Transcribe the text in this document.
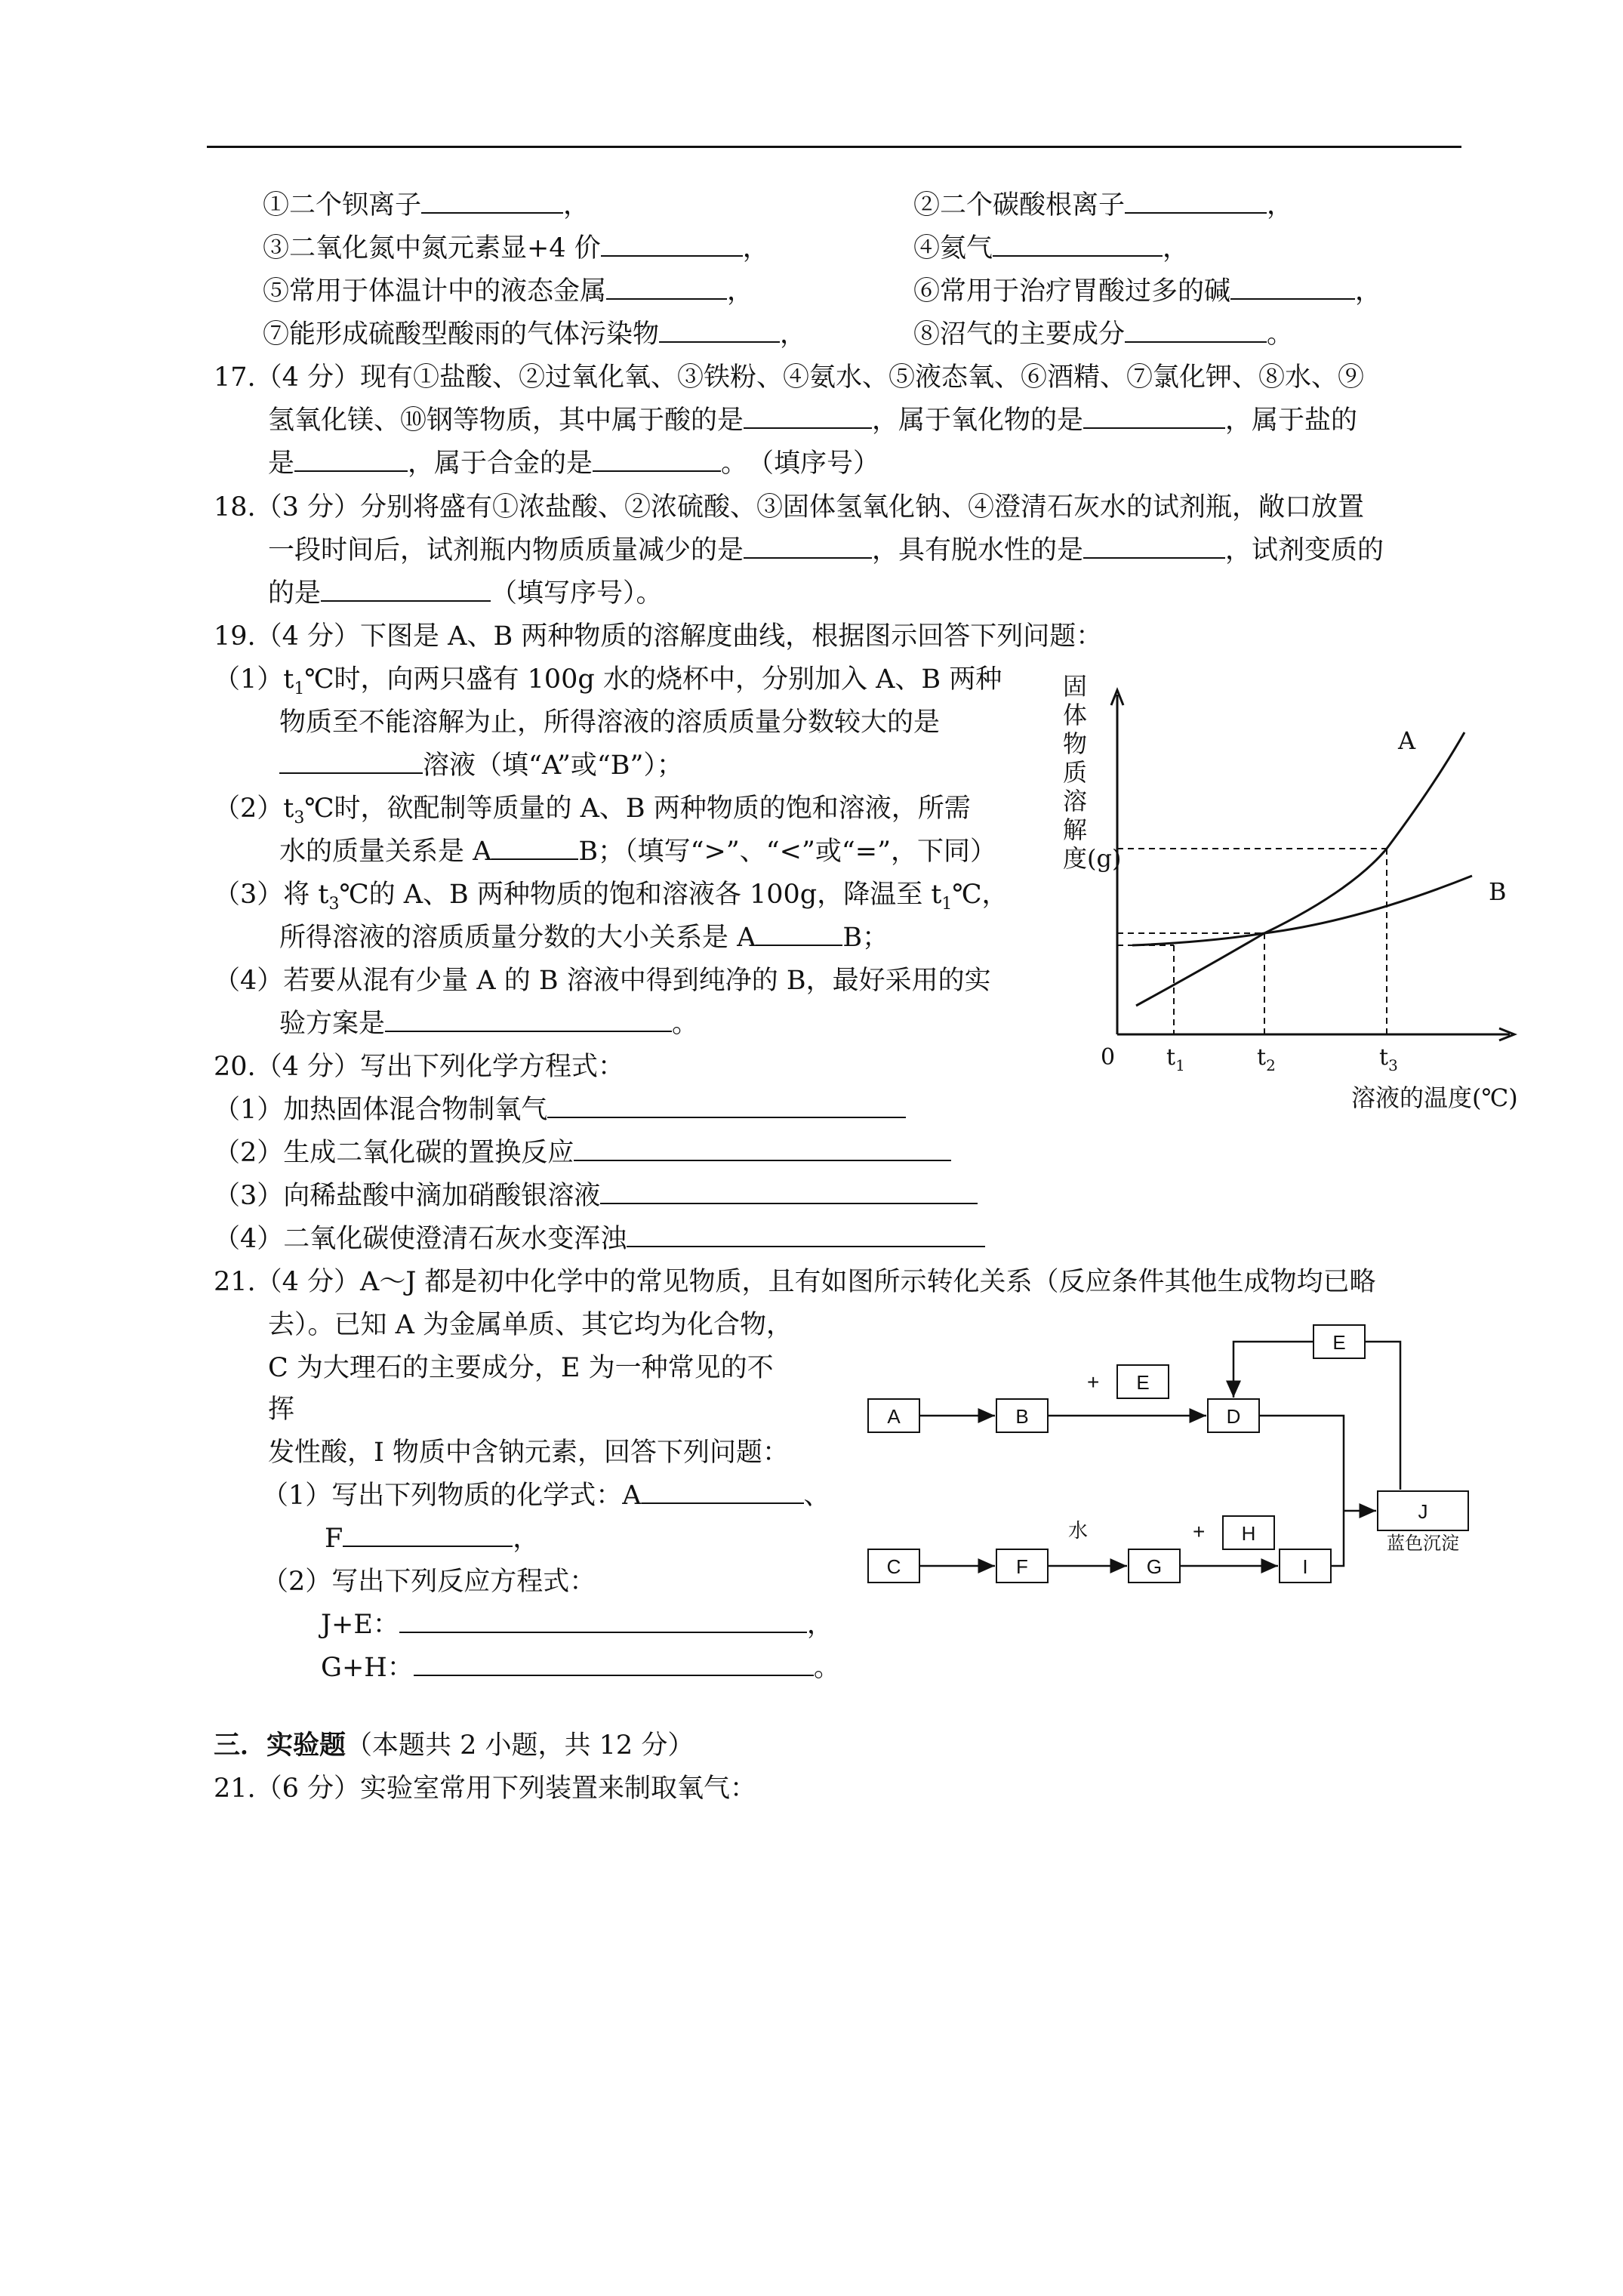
①二个钡离子	，	②二个碳酸根离子	，
③二氧化氮中氮元素显+4 价	，	④氦气	，
⑤常用于体温计中的液态金属	，	⑥常用于治疗胃酸过多的碱	，
⑦能形成硫酸型酸雨的气体污染物	，	⑧沼气的主要成分	。
17.（4 分）现有①盐酸、②过氧化氧、③铁粉、④氨水、⑤液态氧、⑥酒精、⑦氯化钾、⑧水、⑨
氢氧化镁、⑩钢等物质，其中属于酸的是	，属于氧化物的是	，属于盐的
是	，属于合金的是	。　（填序号）
18.（3 分）分别将盛有①浓盐酸、②浓硫酸、③固体氢氧化钠、④澄清石灰水的试剂瓶，敞口放置
一段时间后，试剂瓶内物质质量减少的是	，具有脱水性的是	，试剂变质的
的是	（填写序号）。
19.（4 分）下图是 A、B 两种物质的溶解度曲线，根据图示回答下列问题：
$(1)t_1℃$时，向两只盛有 100g 水的烧杯中，分别加入 A、B 两种
物质至不能溶解为止，所得溶液的溶质质量分数较大的是
溶液（填“A”或“B”）；
$(2)t_3℃$时，欲配制等质量的 A、B 两种物质的饱和溶液，所需
水的质量关系是 A	B；（填写“>”、“<”或“=”，下同）
（3）将 $t_3℃$的 A、B 两种物质的饱和溶液各 100g，降温至 $t_1℃$，
所得溶液的溶质质量分数的大小关系是 A	B；
（4）若要从混有少量 A 的 B 溶液中得到纯净的 B，最好采用的实
验方案是	。
20.（4 分）写出下列化学方程式：
（1）加热固体混合物制氧气
（2）生成二氧化碳的置换反应
（3）向稀盐酸中滴加硝酸银溶液
（4）二氧化碳使澄清石灰水变浑浊
21.（4 分）A～J 都是初中化学中的常见物质，且有如图所示转化关系（反应条件其他生成物均已略
去）。已知 A 为金属单质、其它均为化合物，
C 为大理石的主要成分，E 为一种常见的不
挥
发性酸，I 物质中含钠元素，回答下列问题：
（1）写出下列物质的化学式：A	、
F	，
（2）写出下列反应方程式：
J+E：	，
G+H：	。
三．实验题（本题共 2 小题，共 12 分）
21.（6 分）实验室常用下列装置来制取氧气：
固
体
物
质
溶
解
度(g)
0 $t_1$	$t_2$	$t_3$
溶液的温度(℃)
A
B
A	B	D
E
C	F	G
H
I
J
E
蓝色沉淀
+
+
水
